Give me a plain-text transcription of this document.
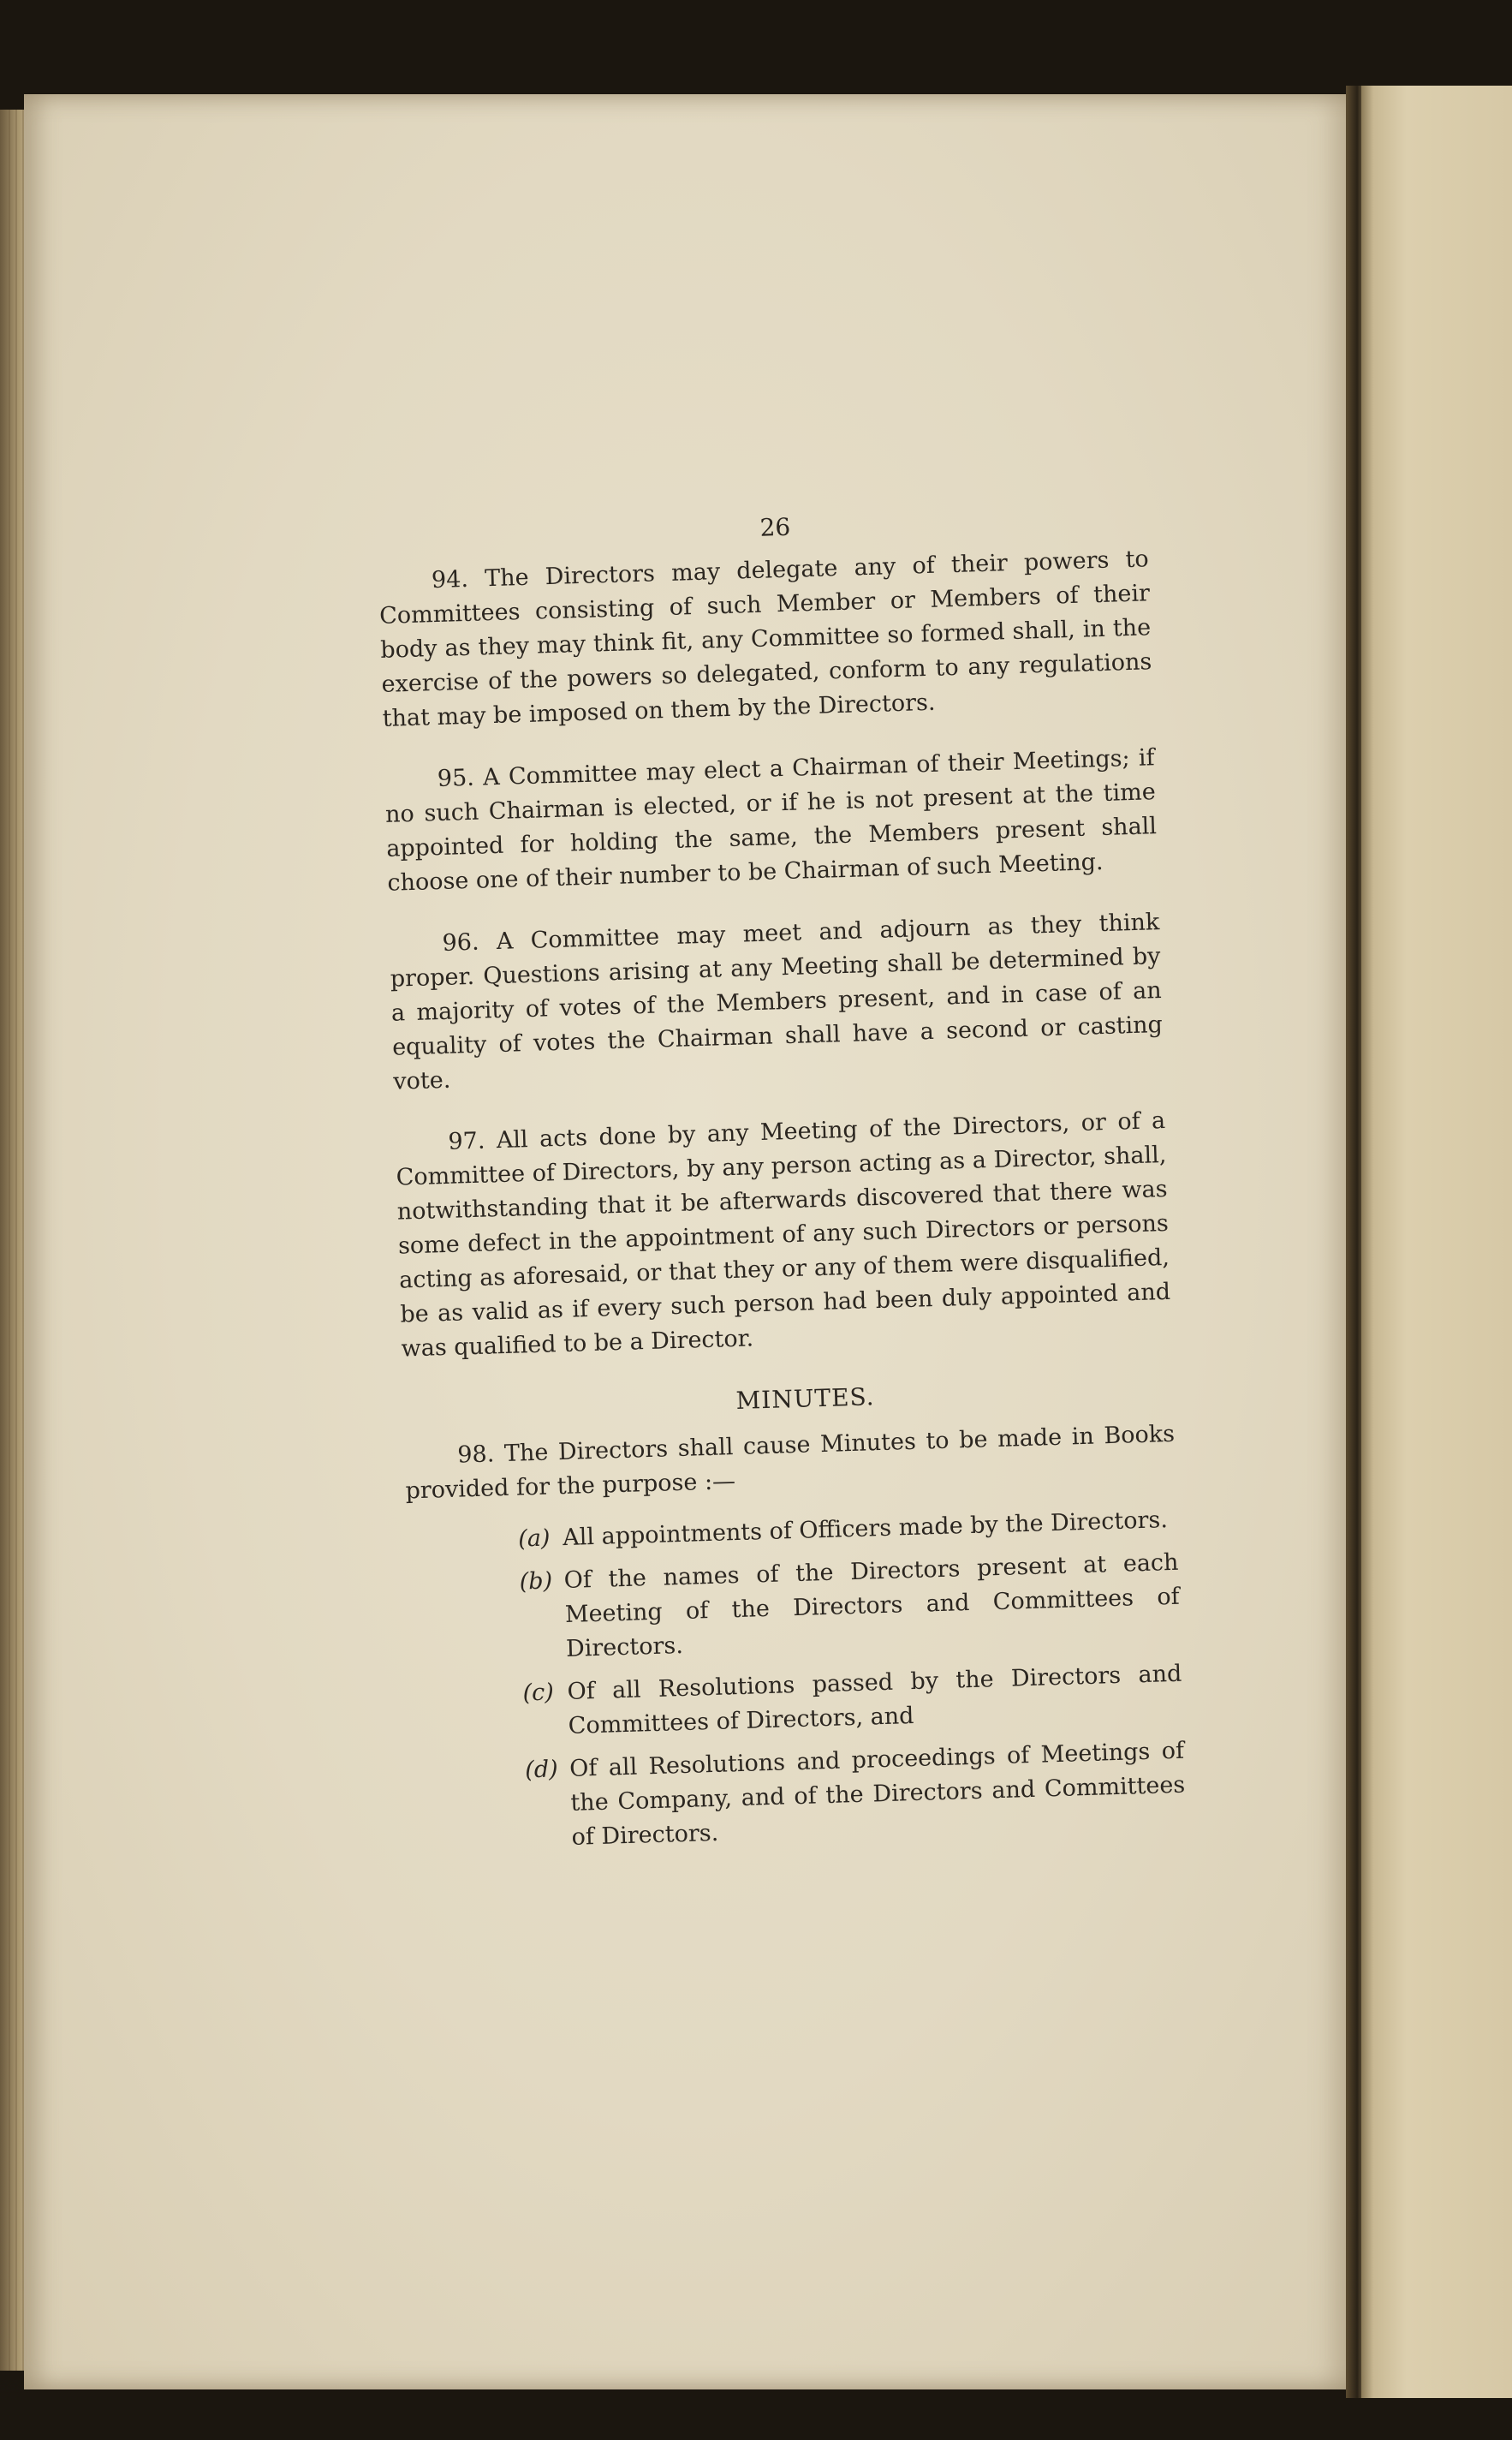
26

94. The Directors may delegate any of their powers to Committees consisting of such Member or Members of their body as they may think fit, any Committee so formed shall, in the exercise of the powers so delegated, conform to any regulations that may be imposed on them by the Directors.

95. A Committee may elect a Chairman of their Meetings; if no such Chairman is elected, or if he is not present at the time appointed for holding the same, the Members present shall choose one of their number to be Chairman of such Meeting.

96. A Committee may meet and adjourn as they think proper. Questions arising at any Meeting shall be determined by a majority of votes of the Members present, and in case of an equality of votes the Chairman shall have a second or casting vote.

97. All acts done by any Meeting of the Directors, or of a Committee of Directors, by any person acting as a Director, shall, notwithstanding that it be afterwards discovered that there was some defect in the appointment of any such Directors or persons acting as aforesaid, or that they or any of them were disqualified, be as valid as if every such person had been duly appointed and was qualified to be a Director.

MINUTES.

98. The Directors shall cause Minutes to be made in Books provided for the purpose :—

(a) All appointments of Officers made by the Directors.
(b) Of the names of the Directors present at each Meeting of the Directors and Committees of Directors.
(c) Of all Resolutions passed by the Directors and Committees of Directors, and
(d) Of all Resolutions and proceedings of Meetings of the Company, and of the Directors and Committees of Directors.
